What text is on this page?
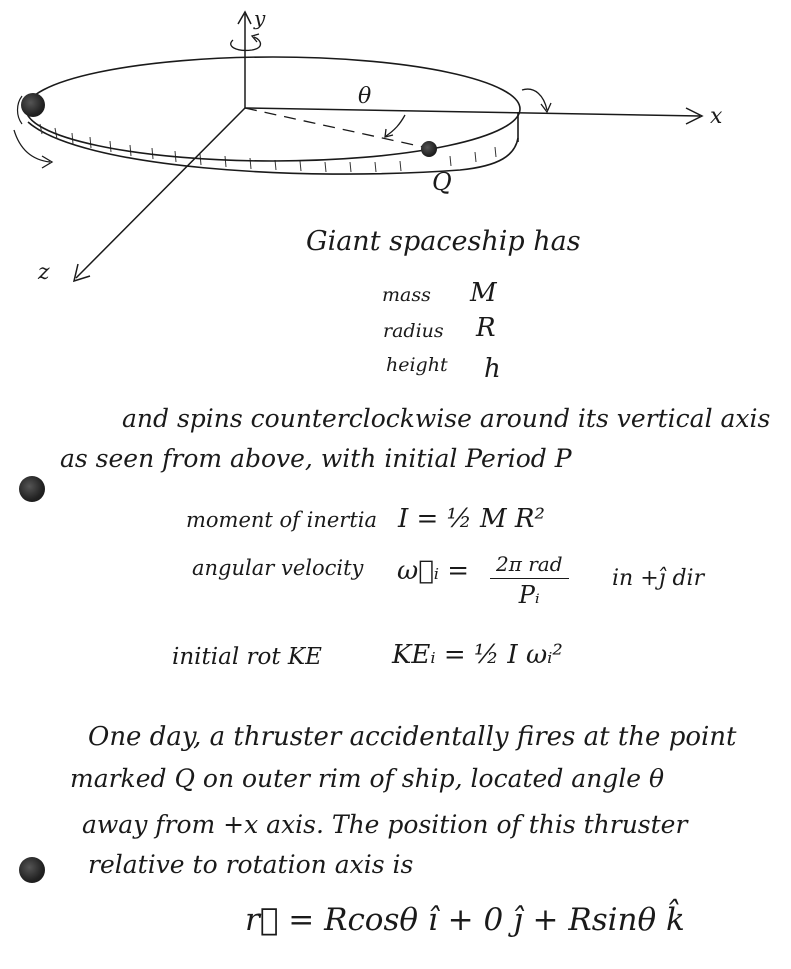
y
x
z
θ
Q
Giant spaceship has
mass M
radius R
height h
and spins counterclockwise around its vertical axis
as seen from above, with initial Period P
moment of inertia I = ½ M R²
angular velocity ω⃗ᵢ =	2π rad
Pᵢ
in +ĵ dir
initial rot KE	KEᵢ = ½ I ωᵢ²
One day, a thruster accidentally fires at the point
marked Q on outer rim of ship, located angle θ
away from +x axis. The position of this thruster
relative to rotation axis is
r⃗ = Rcosθ î + 0 ĵ + Rsinθ k̂
